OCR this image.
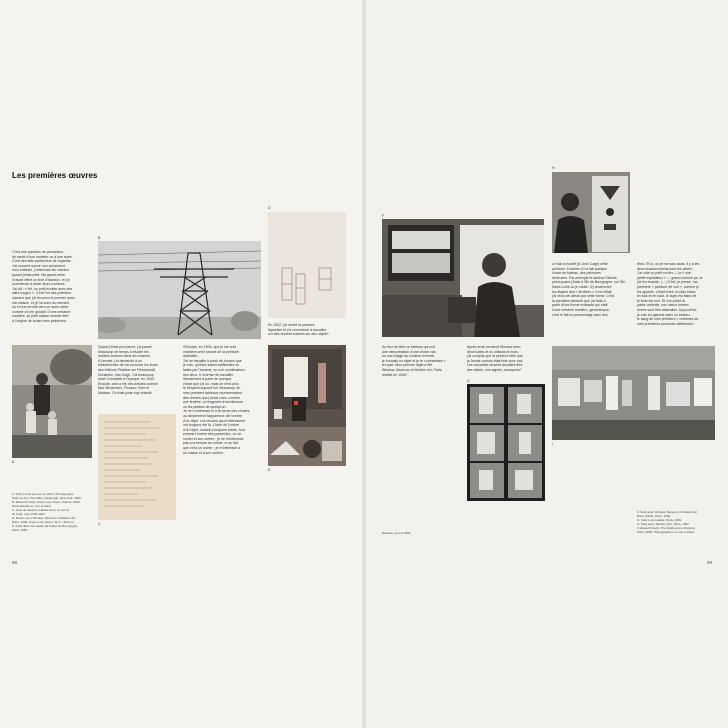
Les premières œuvres
C'est une question de perception,
de santé d'une manière ou d'une autre.
C'est des faits particuliers de regarder.
J'ai souvent sonné non seulement
mon enfance, j'observais les oiseaux
quand j'étais petit. Ma grand-mère
m'avait offert un livre d'oiseaux, et j'ai
commencé à aimer leurs couleurs.
J'ai dit : « Hé, un petit trouble avec des
ailes rouges ». C'est l'un des premiers
oiseaux que j'ai reconnu le premier dans
ma maison, et je l'ai suivi au moment
où il s'est envolé vers un autre arbre,
comme s'il me guidait. D'une certaine
manière, ce petit oiseau semble être
à l'origine de toutes mes peintures¹.
B
D
En 1942, j'ai arrêté la peinture
figurative et j'ai commencé à travailler
sur des œuvres basées sur des objets⁸.
A
Quand j'étais plus jeune, j'ai passé
beaucoup de temps à étudier les
maîtres anciens dans les musées.
A l'armée, j'ai demandé à un
bibliothécaire de me procurer les livres
des éditions Phaidon sur Rembrandt,
Donatello, Van Gogh. J'ai beaucoup
aimé Constable à l'époque, en 1940.
Ensuite, cela a été des artistes comme
Max Beckmann, Picasso, Klee et
Matisse. On était juste trop retardé
C
d'Europe, en 1904, que je me suis
vraiment senti proche de la peinture
abstraite².
J'ai ne travaille à partir de choses que
je vois, qu'elles soient artificielles ou
faites par l'homme, ou une combinaison
des deux. Il m'arrive de travailler
directement à partir de quelque
chose que j'ai vu, mais ce n'est plus
le fréquent aujourd'hui. Beaucoup de
mes premiers tableaux représentaient
des choses que j'avais vues, comme
une fenêtre, un fragment d'architecture
ou les jambes de quelqu'un.
Je ne m'intéresse ni à la forme des choses,
au simplement l'apparence de l'ombre
d'un objet. Les choses qui m'intéressent
ont toujours été là. L'idée de l'ombre
d'un objet, variant à toujours existé, tout
comme l'ombre des pyramides, ou un
rocher et son ombre ; je ne m'intéresse
pas à la texture du rocher, ni au fait
que c'est un rocher ; je m'intéresse à
sa masse et à son ombre³.
E
A. Kelly à trois ans sur un arbre, Photographie
Kelly au dos, Port Allen, Newburgh, New York, 1926
B. Ellsworth Kelly, Power Line Tower, France, 1949,
Photographie en noir et blanc
C. Liste de dessins réalisés dans un carnet
de Kelly, vers 1945-1947
D. Dessin pour Window, Museum of Modern Art,
Paris, 1949, Crayon sur papier, 41,6 × 30,5 cm
E. Kelly dans son atelier de l'Hôtel de Bourgogne,
Paris, 1950
88
Le fait a montré [à John Cage] cette
peinture. Il estime-il n'a fait quelque
chose de bateau, des peintures
sérieuses. Par exemple le tableau Talbots
peint quand j'étais à l'Île de Bourgogne, sur l'Île
Saint-Louis où je vivais. Il y avait entre
les étapes des « fenêtres » il me fallait
j'ai vécu cet attrait par cette forme. C'est
la première peinture que j'ai faite à
partir d'une forme existante qui était
d'une certaine manière, géométrique,
c'est le fait un personnage avec des
H
Au lieu de faire un tableau qui soit
une interprétation d'une chose vue,
ou une image au contenu inventé,
je trouvais un objet et je le « présentais »
tel quel. Mon premier objet a été
Window, Museum of Modern Art, Paris,
réalisé en 1949⁴.
Après avoir construit Window avec
deux tubes et un châssis en bois,
j'ai compris que la peinture telle que
je l'avais connue était finie pour moi.
Les nouvelles œuvres devaient être
des objets, non signés, anonymes⁵.
Window, vers la 1951
lines. Et là, où je me suis assis, il y a les
deux emplacements pour les pieds⁶.
J'ai volé un petit rocher — la « une
petite explication » — grand comme ça, et
j'ai fini ensuite. (…) C'est, je pense, ma
première « peinture de nuit », comme je
les appelle, c'était entre un plan blanc
en bas et en haut, le sujet est blanc et
le fond est noir. Et il en peint la
partie centrale, nos mieux formes
noires sont très abstraites. Aujourd'hui,
je vois en gamme dans un bateau,
le sang de mes premiers « certaines de
mes premières peintures différentes⁷.
I
F
G
F. Kelly avec Window, Museum of Modern Art
Paris (1949), Paris, 1950
G. Kelly à son atelier, Paris, 1951
H. Kelly avec Tableau Vert, Paris, 1952
I. Ellsworth Kelly: The Fields and a Passing,
Paris, 1950, Photographies en noir et blanc
89
